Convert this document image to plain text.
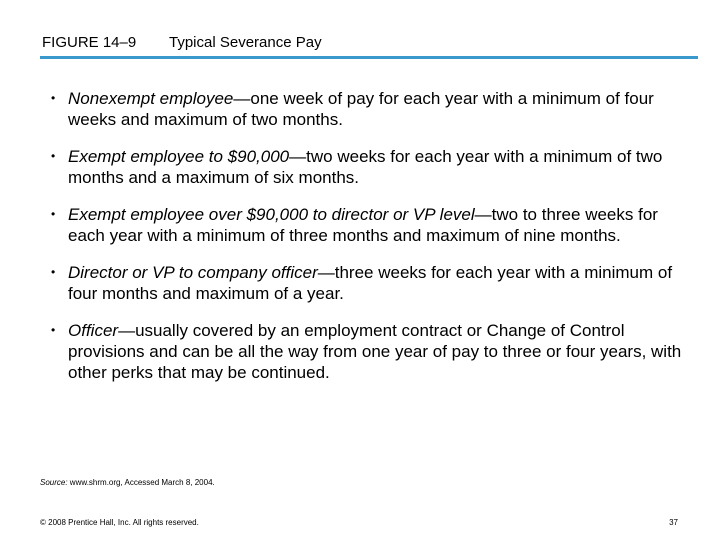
FIGURE 14–9	Typical Severance Pay
• Nonexempt employee—one week of pay for each year with a minimum of four weeks and maximum of two months.
• Exempt employee to $90,000—two weeks for each year with a minimum of two months and a maximum of six months.
• Exempt employee over $90,000 to director or VP level—two to three weeks for each year with a minimum of three months and maximum of nine months.
• Director or VP to company officer—three weeks for each year with a minimum of four months and maximum of a year.
• Officer—usually covered by an employment contract or Change of Control provisions and can be all the way from one year of pay to three or four years, with other perks that may be continued.
Source: www.shrm.org, Accessed March 8, 2004.
© 2008 Prentice Hall, Inc. All rights reserved.	37
